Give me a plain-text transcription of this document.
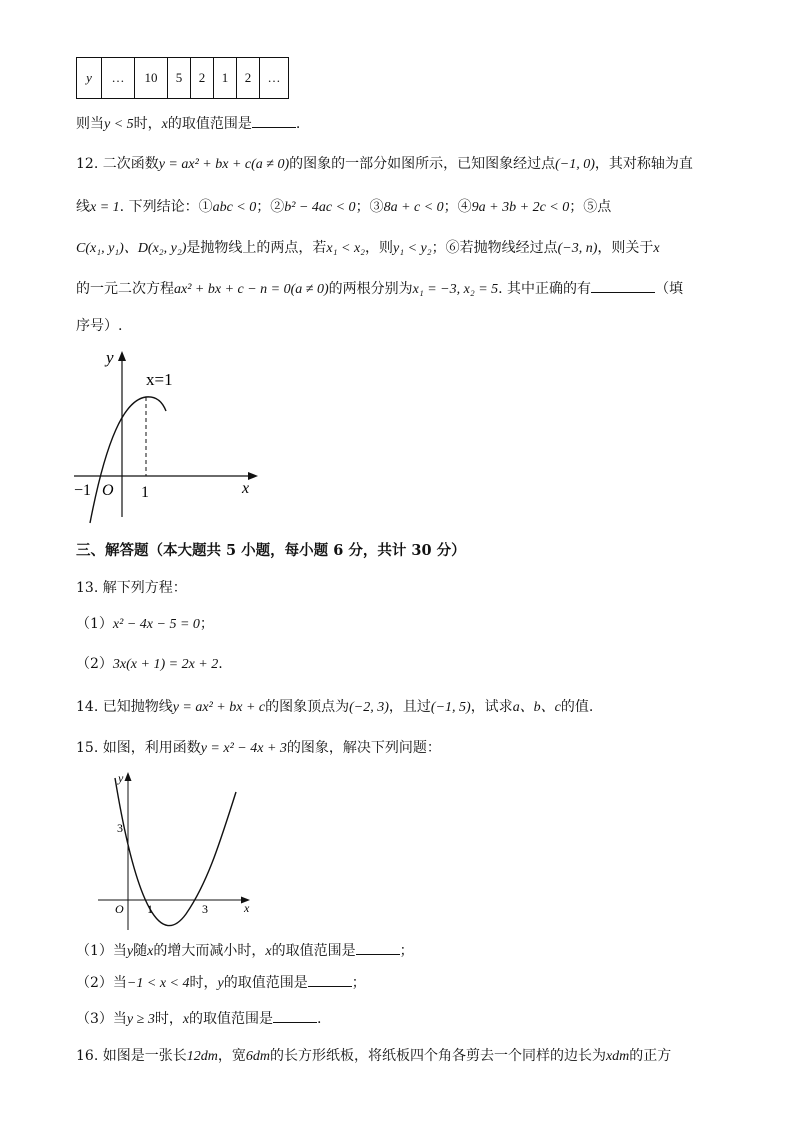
y	…	10	5	2	1	2	…
则当y < 5时，x的取值范围是	.
12. 二次函数y = ax² + bx + c(a ≠ 0)的图象的一部分如图所示，已知图象经过点(−1, 0)，其对称轴为直
线x = 1. 下列结论：①abc < 0；②b² − 4ac < 0；③8a + c < 0；④9a + 3b + 2c < 0；⑤点
C(x₁, y₁)、D(x₂, y₂)是抛物线上的两点，若x₁ < x₂，则y₁ < y₂；⑥若抛物线经过点(−3, n)，则关于x
的一元二次方程ax² + bx + c − n = 0(a ≠ 0)的两根分别为x₁ = −3, x₂ = 5. 其中正确的有	（填
序号）.
y
x
x=1
O
−1	1
三、解答题（本大题共 5 小题，每小题 6 分，共计 30 分）
13. 解下列方程：
（1）x² − 4x − 5 = 0；
（2）3x(x + 1) = 2x + 2.
14. 已知抛物线y = ax² + bx + c的图象顶点为(−2, 3)，且过(−1, 5)，试求a、b、c的值.
15. 如图，利用函数y = x² − 4x + 3的图象，解决下列问题：
y
x
O
3
1	3
（1）当y随x的增大而减小时，x的取值范围是	；
（2）当−1 < x < 4时，y的取值范围是	；
（3）当y ≥ 3时，x的取值范围是	.
16. 如图是一张长12dm，宽6dm的长方形纸板，将纸板四个角各剪去一个同样的边长为xdm的正方
